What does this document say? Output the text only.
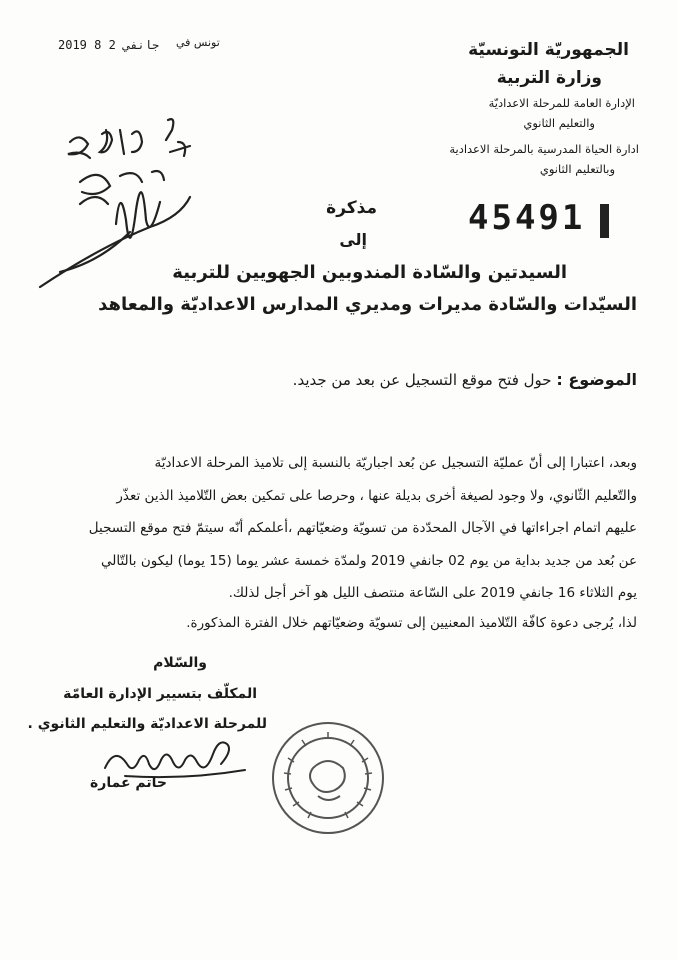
الجمهوريّة التونسيّة
وزارة التربية
الإدارة العامة للمرحلة الاعداديّة
والتعليم الثانوي
ادارة الحياة المدرسية بالمرحلة الاعدادية
وبالتعليم الثانوي
تونس في
2019 جانفي 2 8
45491
مذكرة
إلى
السيدتين والسّادة المندوبين الجهويين للتربية
السيّدات والسّادة مديرات ومديري المدارس الاعداديّة والمعاهد
الموضوع : حول فتح موقع التسجيل عن بعد من جديد.
وبعد، اعتبارا إلى أنّ عمليّة التسجيل عن بُعد اجباريّة بالنسبة إلى تلاميذ المرحلة الاعداديّة
والتّعليم الثّانوي، ولا وجود لصيغة أخرى بديلة عنها ، وحرصا على تمكين بعض التّلاميذ الذين تعذّر
عليهم اتمام اجراءاتها في الآجال المحدّدة من تسويّة وضعيّاتهم ،أعلمكم أنّه سيتمّ فتح موقع التسجيل
عن بُعد من جديد بداية من يوم 02 جانفي 2019 ولمدّة خمسة عشر يوما (15 يوما) ليكون بالتّالي
يوم الثلاثاء 16 جانفي 2019 على السّاعة منتصف الليل هو آخر أجل لذلك.
لذا، يُرجى دعوة كافّة التّلاميذ المعنيين إلى تسويّة وضعيّاتهم خلال الفترة المذكورة.
والسّلام
المكلّف بتسيير الإدارة العامّة
للمرحلة الاعداديّة والتعليم الثانوي .
حاتم عمارة
